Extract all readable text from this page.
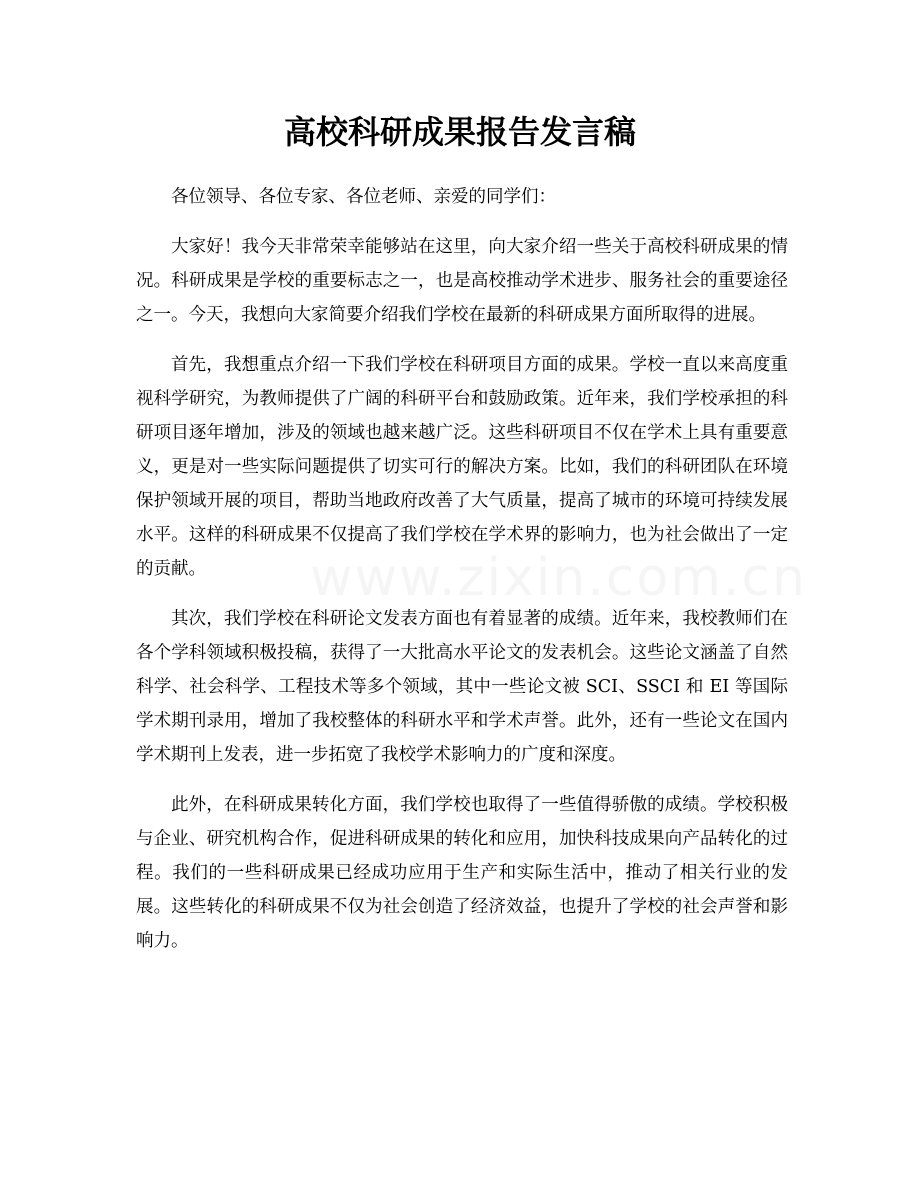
高校科研成果报告发言稿

各位领导、各位专家、各位老师、亲爱的同学们：

大家好！我今天非常荣幸能够站在这里，向大家介绍一些关于高校科研成果的情况。科研成果是学校的重要标志之一，也是高校推动学术进步、服务社会的重要途径之一。今天，我想向大家简要介绍我们学校在最新的科研成果方面所取得的进展。

首先，我想重点介绍一下我们学校在科研项目方面的成果。学校一直以来高度重视科学研究，为教师提供了广阔的科研平台和鼓励政策。近年来，我们学校承担的科研项目逐年增加，涉及的领域也越来越广泛。这些科研项目不仅在学术上具有重要意义，更是对一些实际问题提供了切实可行的解决方案。比如，我们的科研团队在环境保护领域开展的项目，帮助当地政府改善了大气质量，提高了城市的环境可持续发展水平。这样的科研成果不仅提高了我们学校在学术界的影响力，也为社会做出了一定的贡献。

其次，我们学校在科研论文发表方面也有着显著的成绩。近年来，我校教师们在各个学科领域积极投稿，获得了一大批高水平论文的发表机会。这些论文涵盖了自然科学、社会科学、工程技术等多个领域，其中一些论文被 SCI、SSCI 和 EI 等国际学术期刊录用，增加了我校整体的科研水平和学术声誉。此外，还有一些论文在国内学术期刊上发表，进一步拓宽了我校学术影响力的广度和深度。

此外，在科研成果转化方面，我们学校也取得了一些值得骄傲的成绩。学校积极与企业、研究机构合作，促进科研成果的转化和应用，加快科技成果向产品转化的过程。我们的一些科研成果已经成功应用于生产和实际生活中，推动了相关行业的发展。这些转化的科研成果不仅为社会创造了经济效益，也提升了学校的社会声誉和影响力。

www.zixin.com.cn
